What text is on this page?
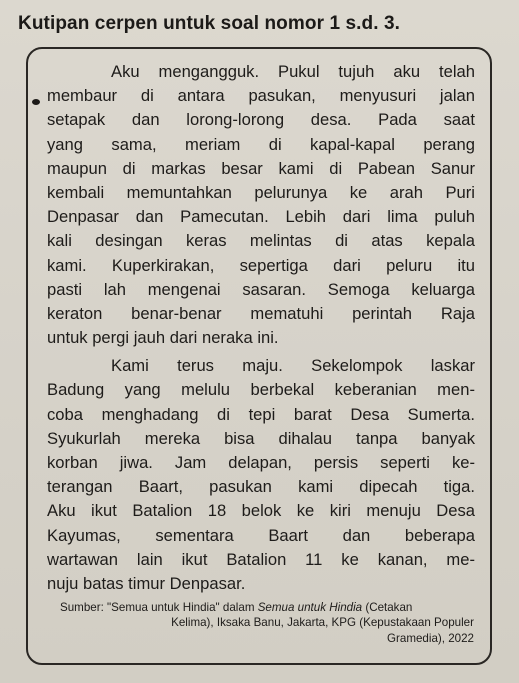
Kutipan cerpen untuk soal nomor 1 s.d. 3.
Aku mengangguk. Pukul tujuh aku telah
membaur di antara pasukan, menyusuri jalan
setapak dan lorong-lorong desa. Pada saat
yang sama, meriam di kapal-kapal perang
maupun di markas besar kami di Pabean Sanur
kembali memuntahkan pelurunya ke arah Puri
Denpasar dan Pamecutan. Lebih dari lima puluh
kali desingan keras melintas di atas kepala
kami. Kuperkirakan, sepertiga dari peluru itu
pasti lah mengenai sasaran. Semoga keluarga
keraton benar-benar mematuhi perintah Raja
untuk pergi jauh dari neraka ini.
Kami terus maju. Sekelompok laskar
Badung yang melulu berbekal keberanian men-
coba menghadang di tepi barat Desa Sumerta.
Syukurlah mereka bisa dihalau tanpa banyak
korban jiwa. Jam delapan, persis seperti ke-
terangan Baart, pasukan kami dipecah tiga.
Aku ikut Batalion 18 belok ke kiri menuju Desa
Kayumas, sementara Baart dan beberapa
wartawan lain ikut Batalion 11 ke kanan, me-
nuju batas timur Denpasar.
Sumber: "Semua untuk Hindia" dalam Semua untuk Hindia (Cetakan
Kelima), Iksaka Banu, Jakarta, KPG (Kepustakaan Populer
Gramedia), 2022
